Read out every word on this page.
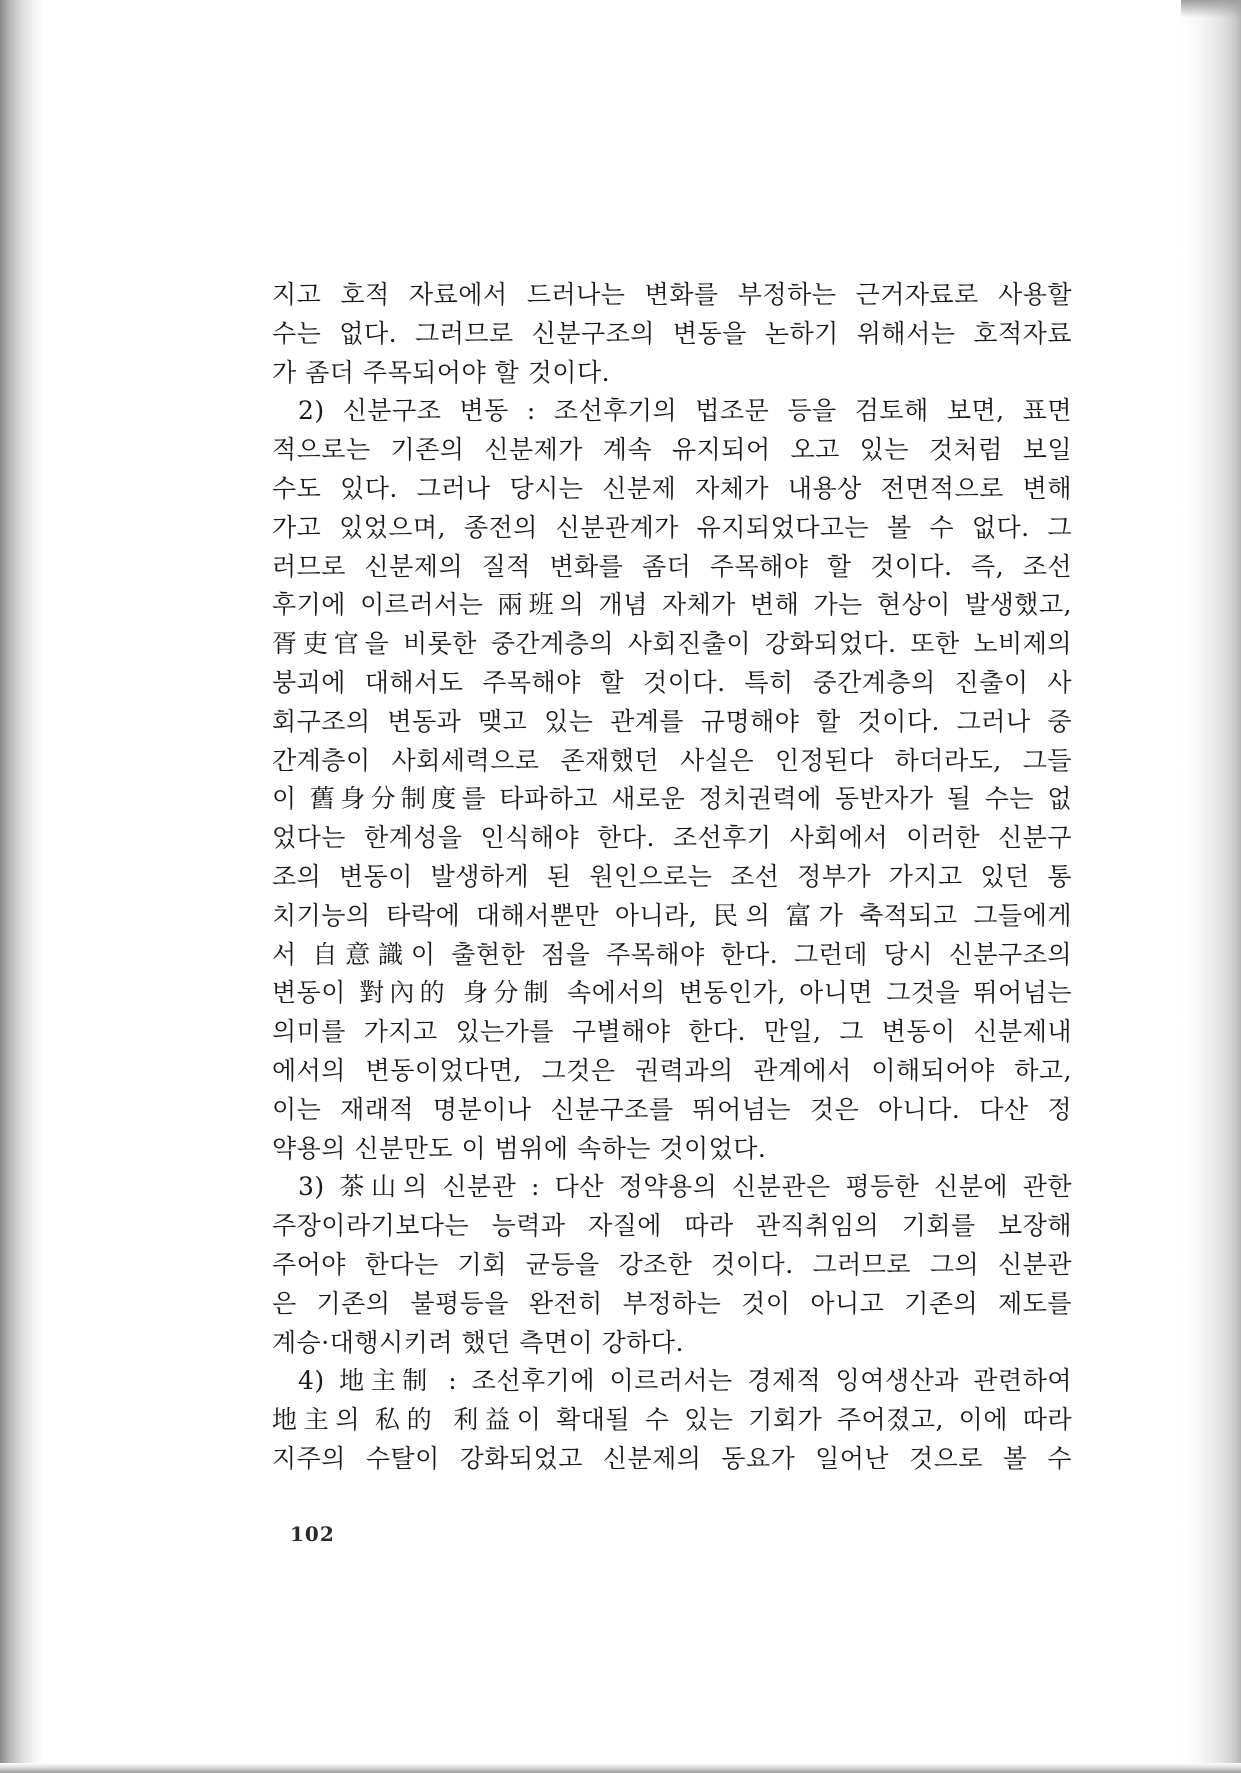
지고 호적 자료에서 드러나는 변화를 부정하는 근거자료로 사용할
수는 없다. 그러므로 신분구조의 변동을 논하기 위해서는 호적자료
가 좀더 주목되어야 할 것이다.
2) 신분구조 변동 : 조선후기의 법조문 등을 검토해 보면, 표면
적으로는 기존의 신분제가 계속 유지되어 오고 있는 것처럼 보일
수도 있다. 그러나 당시는 신분제 자체가 내용상 전면적으로 변해
가고 있었으며, 종전의 신분관계가 유지되었다고는 볼 수 없다. 그
러므로 신분제의 질적 변화를 좀더 주목해야 할 것이다. 즉, 조선
후기에 이르러서는 兩班의 개념 자체가 변해 가는 현상이 발생했고,
胥吏官을 비롯한 중간계층의 사회진출이 강화되었다. 또한 노비제의
붕괴에 대해서도 주목해야 할 것이다. 특히 중간계층의 진출이 사
회구조의 변동과 맺고 있는 관계를 규명해야 할 것이다. 그러나 중
간계층이 사회세력으로 존재했던 사실은 인정된다 하더라도, 그들
이 舊身分制度를 타파하고 새로운 정치권력에 동반자가 될 수는 없
었다는 한계성을 인식해야 한다. 조선후기 사회에서 이러한 신분구
조의 변동이 발생하게 된 원인으로는 조선 정부가 가지고 있던 통
치기능의 타락에 대해서뿐만 아니라, 民의 富가 축적되고 그들에게
서 自意識이 출현한 점을 주목해야 한다. 그런데 당시 신분구조의
변동이 對內的 身分制 속에서의 변동인가, 아니면 그것을 뛰어넘는
의미를 가지고 있는가를 구별해야 한다. 만일, 그 변동이 신분제내
에서의 변동이었다면, 그것은 권력과의 관계에서 이해되어야 하고,
이는 재래적 명분이나 신분구조를 뛰어넘는 것은 아니다. 다산 정
약용의 신분만도 이 범위에 속하는 것이었다.
3) 茶山의 신분관 : 다산 정약용의 신분관은 평등한 신분에 관한
주장이라기보다는 능력과 자질에 따라 관직취임의 기회를 보장해
주어야 한다는 기회 균등을 강조한 것이다. 그러므로 그의 신분관
은 기존의 불평등을 완전히 부정하는 것이 아니고 기존의 제도를
계승·대행시키려 했던 측면이 강하다.
4) 地主制 : 조선후기에 이르러서는 경제적 잉여생산과 관련하여
地主의 私的 利益이 확대될 수 있는 기회가 주어졌고, 이에 따라
지주의 수탈이 강화되었고 신분제의 동요가 일어난 것으로 볼 수
102
